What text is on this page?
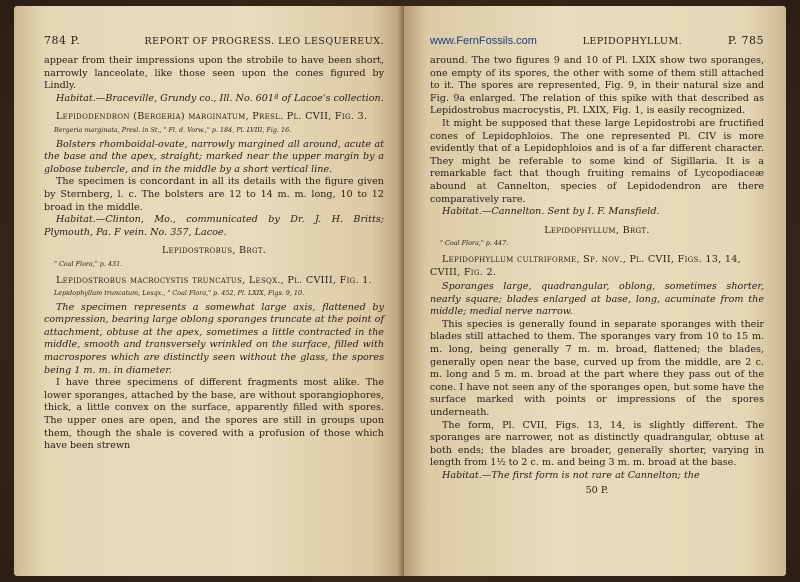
784 P.	REPORT OF PROGRESS. LEO LESQUEREUX.

appear from their impressions upon the strobile to have been short, narrowly lanceolate, like those seen upon the cones figured by Lindly.

Habitat.—Braceville, Grundy co., Ill. No. 601ª of Lacoe's collection.

Lepidodendron (Bergeria) marginatum, Presl. Pl. CVII, Fig. 3.

Bergeria marginata, Presl. in St., " Fl. d. Vorw.," p. 184, Pl. LVIII, Fig. 16.

Bolsters rhomboidal-ovate, narrowly margined all around, acute at the base and the apex, straight; marked near the upper margin by a globose tubercle, and in the middle by a short vertical line.

The specimen is concordant in all its details with the figure given by Sternberg, l. c. The bolsters are 12 to 14 m. m. long, 10 to 12 broad in the middle.

Habitat.—Clinton, Mo., communicated by Dr. J. H. Britts; Plymouth, Pa. F vein. No. 357, Lacoe.

Lepidostrobus, Brgt.

" Coal Flora," p. 431.

Lepidostrobus macrocystis truncatus, Lesqx., Pl. CVIII, Fig. 1.

Lepidophyllum truncatum, Lesqx., " Coal Flora," p. 452, Pl. LXIX, Figs. 9, 10.

The specimen represents a somewhat large axis, flattened by compression, bearing large oblong sporanges truncate at the point of attachment, obtuse at the apex, sometimes a little contracted in the middle, smooth and transversely wrinkled on the surface, filled with macrospores which are distinctly seen without the glass, the spores being 1 m. m. in diameter.

I have three specimens of different fragments most alike. The lower sporanges, attached by the base, are without sporangiophores, thick, a little convex on the surface, apparently filled with spores. The upper ones are open, and the spores are still in groups upon them, though the shale is covered with a profusion of those which have been strewn

www.FernFossils.com	LEPIDOPHYLLUM.	P. 785

around. The two figures 9 and 10 of Pl. LXIX show two sporanges, one empty of its spores, the other with some of them still attached to it. The spores are represented, Fig. 9, in their natural size and Fig. 9a enlarged. The relation of this spike with that described as Lepidostrobus macrocystis, Pl. LXIX, Fig. 1, is easily recognized.

It might be supposed that these large Lepidostrobi are fructified cones of Lepidophloios. The one represented Pl. CIV is more evidently that of a Lepidophloios and is of a far different character. They might be referable to some kind of Sigillaria. It is a remarkable fact that though fruiting remains of Lycopodiaceæ abound at Cannelton, species of Lepidodendron are there comparatively rare.

Habitat.—Cannelton. Sent by I. F. Mansfield.

Lepidophyllum, Brgt.

" Coal Flora," p. 447.

Lepidophyllum cultriforme, Sp. nov., Pl. CVII, Figs. 13, 14, CVIII, Fig. 2.

Sporanges large, quadrangular, oblong, sometimes shorter, nearly square; blades enlarged at base, long, acuminate from the middle; medial nerve narrow.

This species is generally found in separate sporanges with their blades still attached to them. The sporanges vary from 10 to 15 m. m. long, being generally 7 m. m. broad, flattened; the blades, generally open near the base, curved up from the middle, are 2 c. m. long and 5 m. m. broad at the part where they pass out of the cone. I have not seen any of the sporanges open, but some have the surface marked with points or impressions of the spores underneath.

The form, Pl. CVII, Figs. 13, 14, is slightly different. The sporanges are narrower, not as distinctly quadrangular, obtuse at both ends; the blades are broader, generally shorter, varying in length from 1½ to 2 c. m. and being 3 m. m. broad at the base.

Habitat.—The first form is not rare at Cannelton; the

50 P.
